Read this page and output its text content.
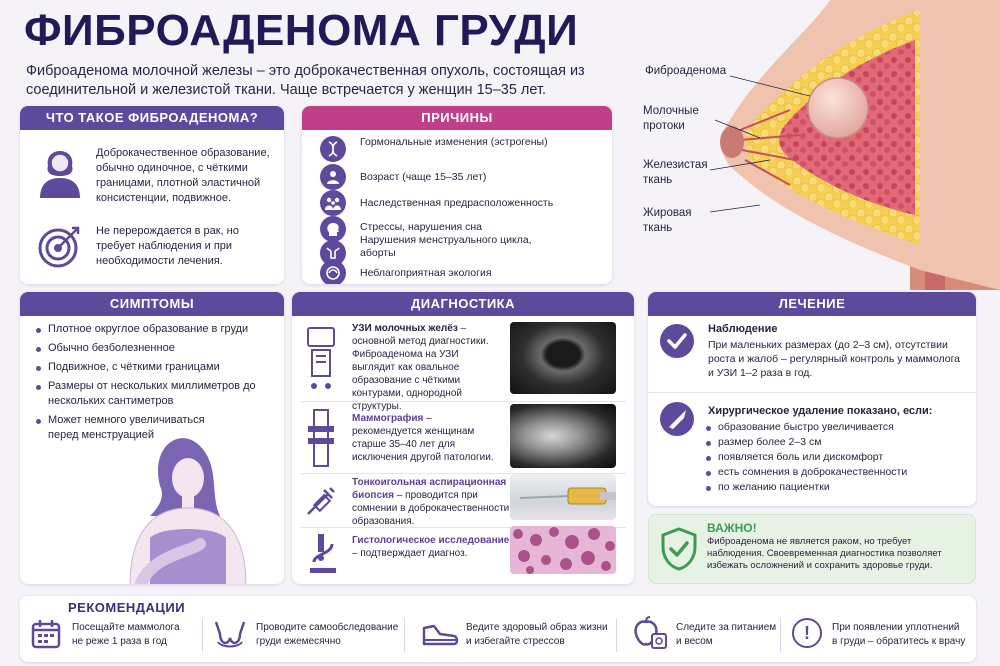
ФИБРОАДЕНОМА ГРУДИ
Фиброаденома молочной железы – это доброкачественная опухоль, состоящая из соединительной и железистой ткани. Чаще встречается у женщин 15–35 лет.
Фиброаденома
Молочные
протоки
Железистая
ткань
Жировая
ткань
ЧТО ТАКОЕ ФИБРОАДЕНОМА?
Доброкачественное образование, обычно одиночное, с чёткими границами, плотной эластичной консистенции, подвижное.
Не перерождается в рак, но требует наблюдения и при необходимости лечения.
ПРИЧИНЫ
Гормональные изменения (эстрогены)
Возраст (чаще 15–35 лет)
Наследственная предрасположенность
Стрессы, нарушения сна
Нарушения менструального цикла, аборты
Неблагоприятная экология
СИМПТОМЫ
Плотное округлое образование в груди
Обычно безболезненное
Подвижное, с чёткими границами
Размеры от нескольких миллиметров до нескольких сантиметров
Может немного увеличиваться перед менструацией
ДИАГНОСТИКА
УЗИ молочных желёз – основной метод диагностики. Фиброаденома на УЗИ выглядит как овальное образование с чёткими контурами, однородной структуры.
Маммография – рекомендуется женщинам старше 35–40 лет для исключения другой патологии.
Тонкоигольная аспирационная биопсия – проводится при сомнении в доброкачественности образования.
Гистологическое исследование – подтверждает диагноз.
ЛЕЧЕНИЕ
Наблюдение
При маленьких размерах (до 2–3 см), отсутствии роста и жалоб – регулярный контроль у маммолога и УЗИ 1–2 раза в год.
Хирургическое удаление показано, если:
образование быстро увеличивается
размер более 2–3 см
появляется боль или дискомфорт
есть сомнения в доброкачественности
по желанию пациентки
ВАЖНО!
Фиброаденома не является раком, но требует наблюдения. Своевременная диагностика позволяет избежать осложнений и сохранить здоровье груди.
РЕКОМЕНДАЦИИ
Посещайте маммолога
не реже 1 раза в год
Проводите самообследование
груди ежемесячно
Ведите здоровый образ жизни
и избегайте стрессов
Следите за питанием
и весом	!	При появлении уплотнений
в груди – обратитесь к врачу
